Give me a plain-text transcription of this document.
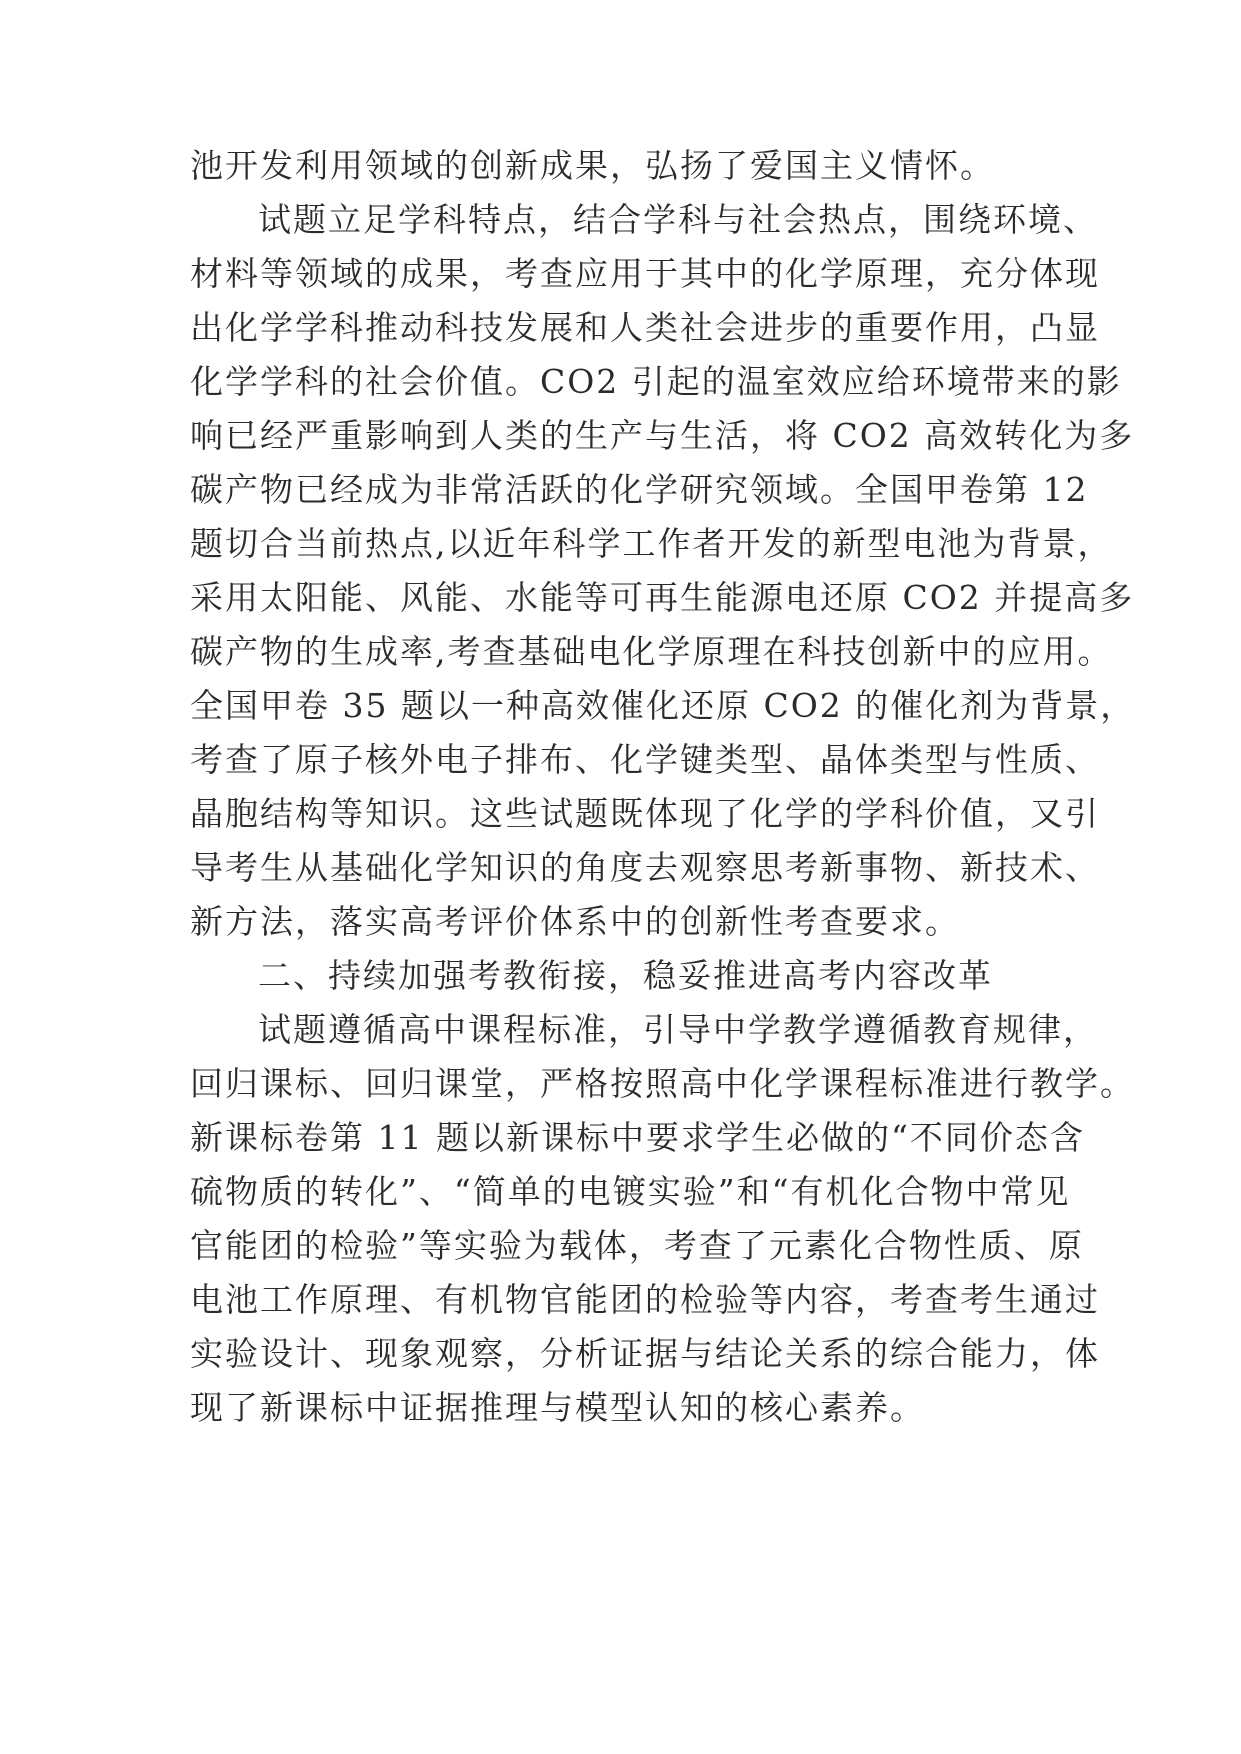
池开发利用领域的创新成果，弘扬了爱国主义情怀。

试题立足学科特点，结合学科与社会热点，围绕环境、

材料等领域的成果，考查应用于其中的化学原理，充分体现

出化学学科推动科技发展和人类社会进步的重要作用，凸显

化学学科的社会价值。CO2 引起的温室效应给环境带来的影

响已经严重影响到人类的生产与生活，将 CO2 高效转化为多

碳产物已经成为非常活跃的化学研究领域。全国甲卷第 12

题切合当前热点,以近年科学工作者开发的新型电池为背景，

采用太阳能、风能、水能等可再生能源电还原 CO2 并提高多

碳产物的生成率,考查基础电化学原理在科技创新中的应用。

全国甲卷 35 题以一种高效催化还原 CO2 的催化剂为背景，

考查了原子核外电子排布、化学键类型、晶体类型与性质、

晶胞结构等知识。这些试题既体现了化学的学科价值，又引

导考生从基础化学知识的角度去观察思考新事物、新技术、

新方法，落实高考评价体系中的创新性考查要求。

二、持续加强考教衔接，稳妥推进高考内容改革

试题遵循高中课程标准，引导中学教学遵循教育规律，

回归课标、回归课堂，严格按照高中化学课程标准进行教学。

新课标卷第 11 题以新课标中要求学生必做的“不同价态含

硫物质的转化”、“简单的电镀实验”和“有机化合物中常见

官能团的检验”等实验为载体，考查了元素化合物性质、原

电池工作原理、有机物官能团的检验等内容，考查考生通过

实验设计、现象观察，分析证据与结论关系的综合能力，体

现了新课标中证据推理与模型认知的核心素养。
